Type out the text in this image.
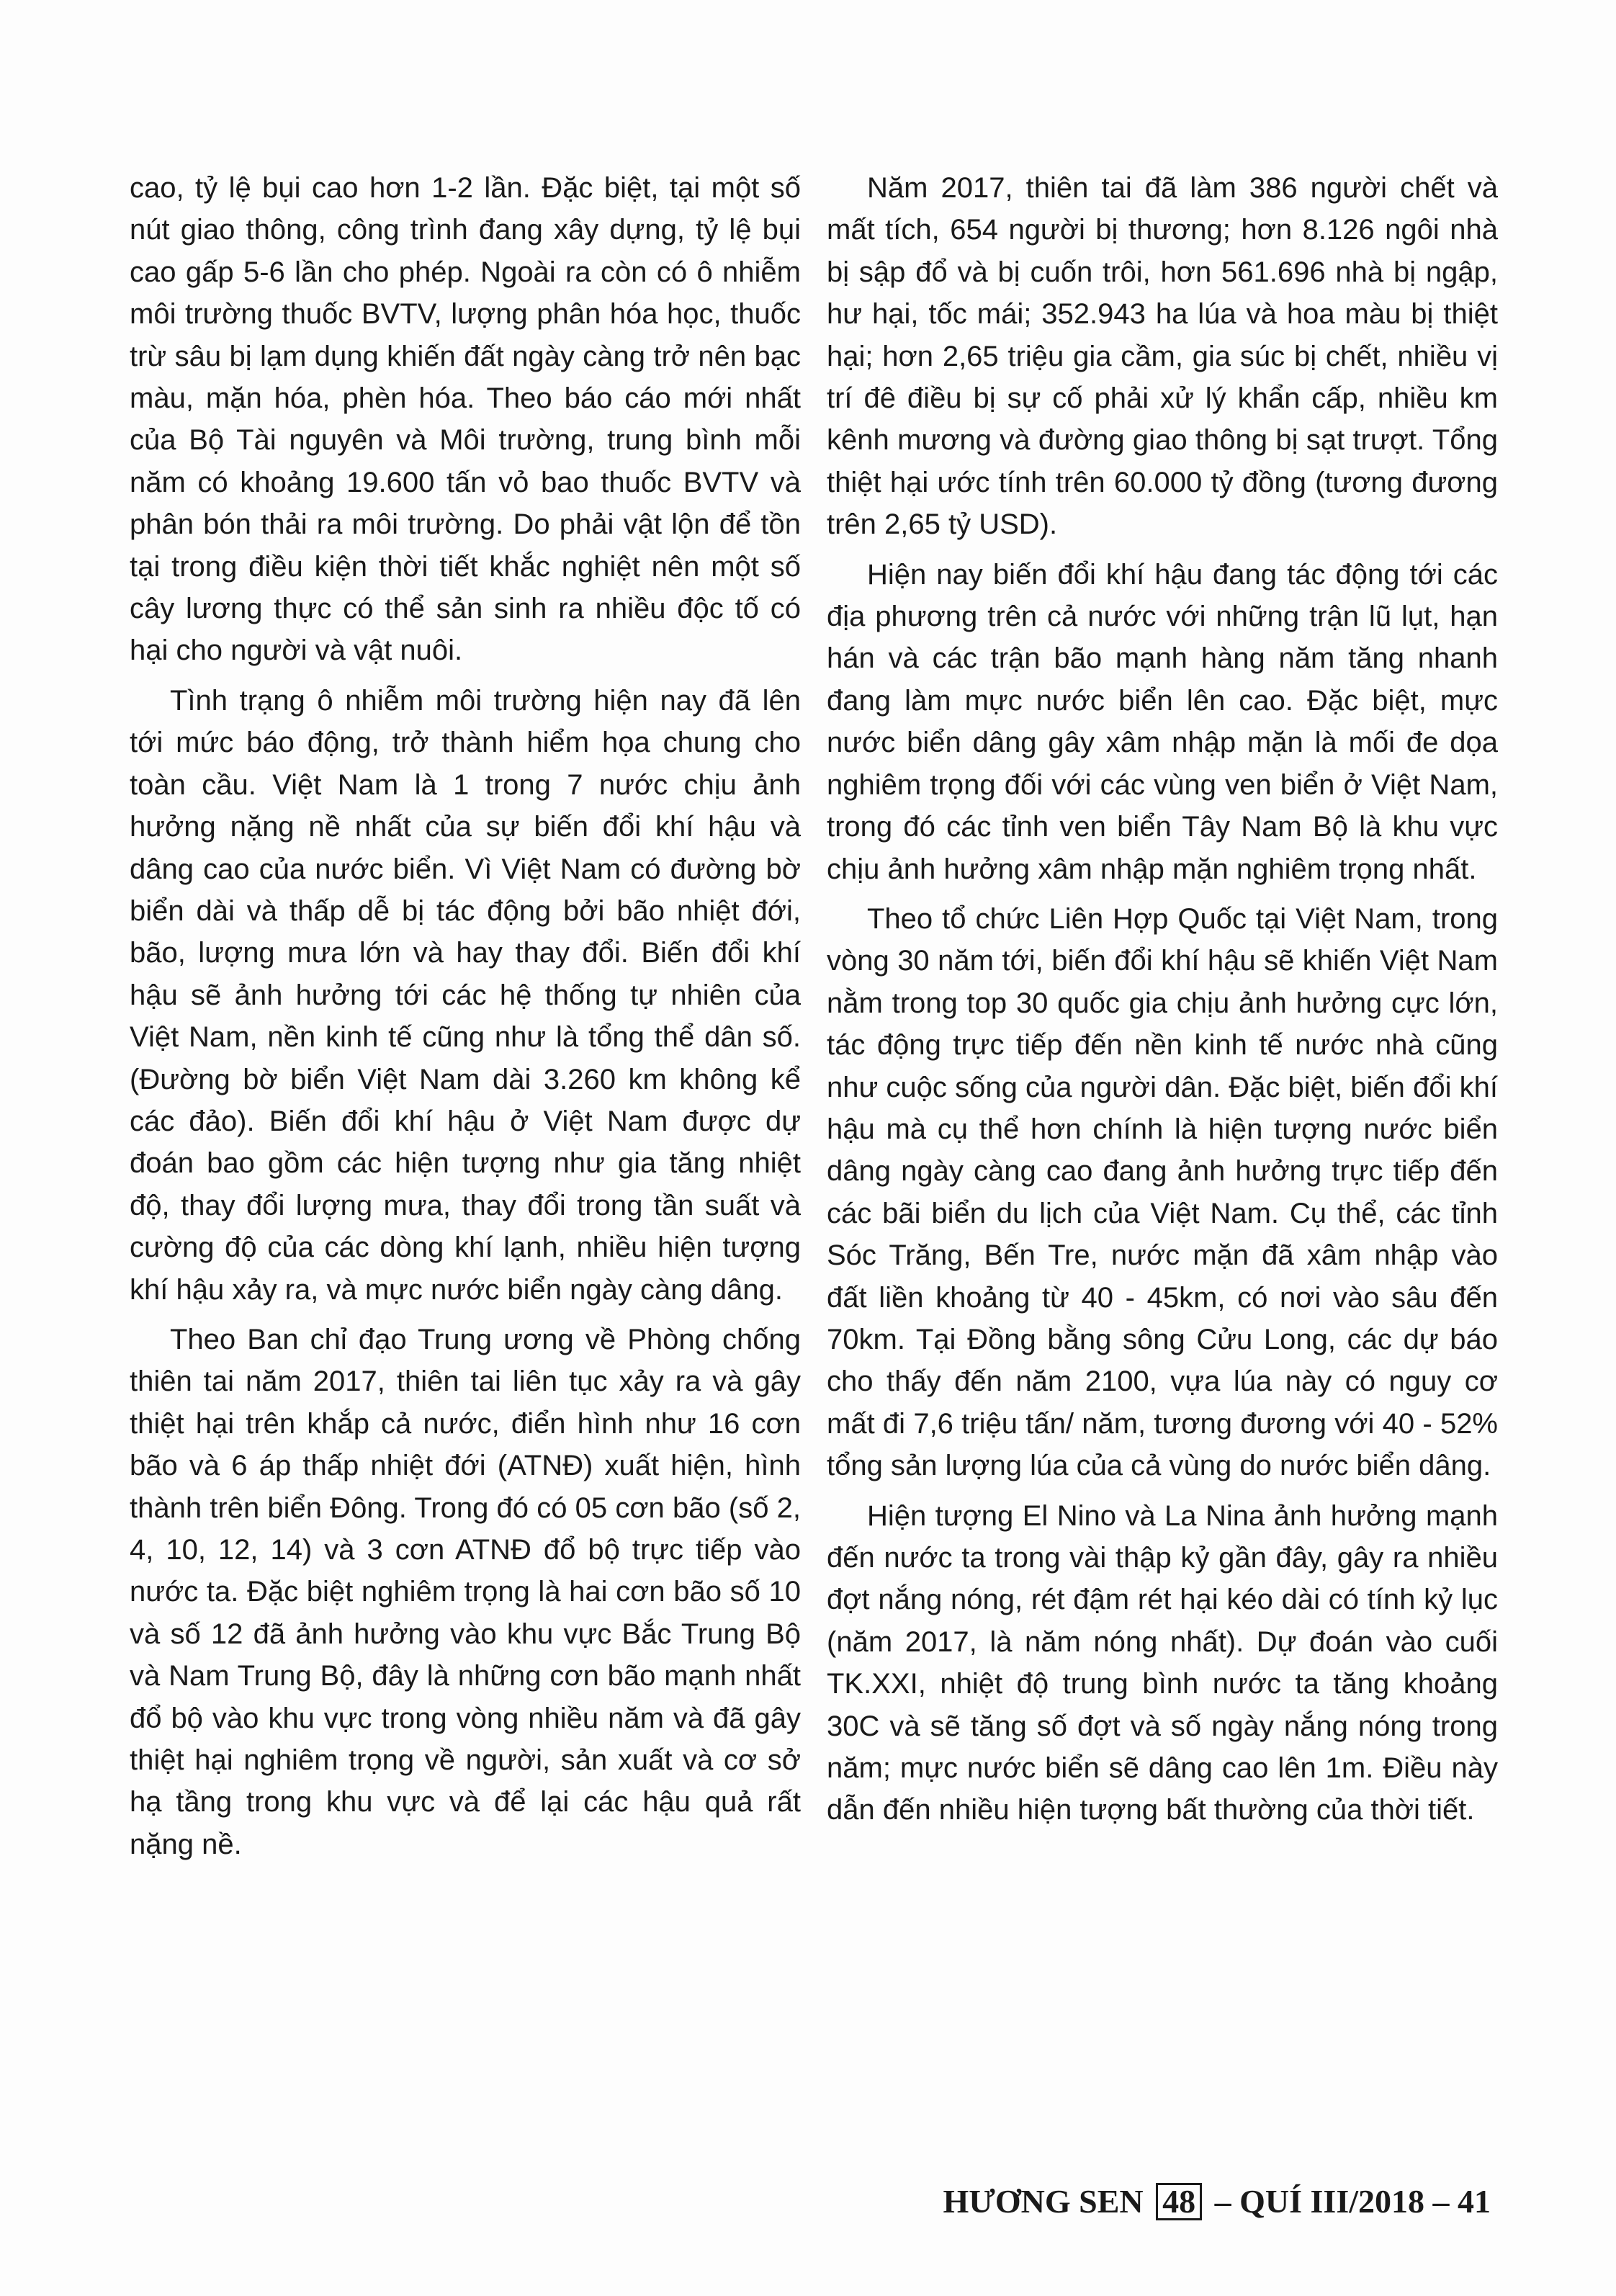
cao, tỷ lệ bụi cao hơn 1-2 lần. Đặc biệt, tại một số nút giao thông, công trình đang xây dựng, tỷ lệ bụi cao gấp 5-6 lần cho phép. Ngoài ra còn có ô nhiễm môi trường thuốc BVTV, lượng phân hóa học, thuốc trừ sâu bị lạm dụng khiến đất ngày càng trở nên bạc màu, mặn hóa, phèn hóa. Theo báo cáo mới nhất của Bộ Tài nguyên và Môi trường, trung bình mỗi năm có khoảng 19.600 tấn vỏ bao thuốc BVTV và phân bón thải ra môi trường. Do phải vật lộn để tồn tại trong điều kiện thời tiết khắc nghiệt nên một số cây lương thực có thể sản sinh ra nhiều độc tố có hại cho người và vật nuôi.

Tình trạng ô nhiễm môi trường hiện nay đã lên tới mức báo động, trở thành hiểm họa chung cho toàn cầu. Việt Nam là 1 trong 7 nước chịu ảnh hưởng nặng nề nhất của sự biến đổi khí hậu và dâng cao của nước biển. Vì Việt Nam có đường bờ biển dài và thấp dễ bị tác động bởi bão nhiệt đới, bão, lượng mưa lớn và hay thay đổi. Biến đổi khí hậu sẽ ảnh hưởng tới các hệ thống tự nhiên của Việt Nam, nền kinh tế cũng như là tổng thể dân số. (Đường bờ biển Việt Nam dài 3.260 km không kể các đảo). Biến đổi khí hậu ở Việt Nam được dự đoán bao gồm các hiện tượng như gia tăng nhiệt độ, thay đổi lượng mưa, thay đổi trong tần suất và cường độ của các dòng khí lạnh, nhiều hiện tượng khí hậu xảy ra, và mực nước biển ngày càng dâng.

Theo Ban chỉ đạo Trung ương về Phòng chống thiên tai năm 2017, thiên tai liên tục xảy ra và gây thiệt hại trên khắp cả nước, điển hình như 16 cơn bão và 6 áp thấp nhiệt đới (ATNĐ) xuất hiện, hình thành trên biển Đông. Trong đó có 05 cơn bão (số 2, 4, 10, 12, 14) và 3 cơn ATNĐ đổ bộ trực tiếp vào nước ta. Đặc biệt nghiêm trọng là hai cơn bão số 10 và số 12 đã ảnh hưởng vào khu vực Bắc Trung Bộ và Nam Trung Bộ, đây là những cơn bão mạnh nhất đổ bộ vào khu vực trong vòng nhiều năm và đã gây thiệt hại nghiêm trọng về người, sản xuất và cơ sở hạ tầng trong khu vực và để lại các hậu quả rất nặng nề.

Năm 2017, thiên tai đã làm 386 người chết và mất tích, 654 người bị thương; hơn 8.126 ngôi nhà bị sập đổ và bị cuốn trôi, hơn 561.696 nhà bị ngập, hư hại, tốc mái; 352.943 ha lúa và hoa màu bị thiệt hại; hơn 2,65 triệu gia cầm, gia súc bị chết, nhiều vị trí đê điều bị sự cố phải xử lý khẩn cấp, nhiều km kênh mương và đường giao thông bị sạt trượt. Tổng thiệt hại ước tính trên 60.000 tỷ đồng (tương đương trên 2,65 tỷ USD).

Hiện nay biến đổi khí hậu đang tác động tới các địa phương trên cả nước với những trận lũ lụt, hạn hán và các trận bão mạnh hàng năm tăng nhanh đang làm mực nước biển lên cao. Đặc biệt, mực nước biển dâng gây xâm nhập mặn là mối đe dọa nghiêm trọng đối với các vùng ven biển ở Việt Nam, trong đó các tỉnh ven biển Tây Nam Bộ là khu vực chịu ảnh hưởng xâm nhập mặn nghiêm trọng nhất.

Theo tổ chức Liên Hợp Quốc tại Việt Nam, trong vòng 30 năm tới, biến đổi khí hậu sẽ khiến Việt Nam nằm trong top 30 quốc gia chịu ảnh hưởng cực lớn, tác động trực tiếp đến nền kinh tế nước nhà cũng như cuộc sống của người dân. Đặc biệt, biến đổi khí hậu mà cụ thể hơn chính là hiện tượng nước biển dâng ngày càng cao đang ảnh hưởng trực tiếp đến các bãi biển du lịch của Việt Nam. Cụ thể, các tỉnh Sóc Trăng, Bến Tre, nước mặn đã xâm nhập vào đất liền khoảng từ 40 - 45km, có nơi vào sâu đến 70km. Tại Đồng bằng sông Cửu Long, các dự báo cho thấy đến năm 2100, vựa lúa này có nguy cơ mất đi 7,6 triệu tấn/ năm, tương đương với 40 - 52% tổng sản lượng lúa của cả vùng do nước biển dâng.

Hiện tượng El Nino và La Nina ảnh hưởng mạnh đến nước ta trong vài thập kỷ gần đây, gây ra nhiều đợt nắng nóng, rét đậm rét hại kéo dài có tính kỷ lục (năm 2017, là năm nóng nhất). Dự đoán vào cuối TK.XXI, nhiệt độ trung bình nước ta tăng khoảng 30C và sẽ tăng số đợt và số ngày nắng nóng trong năm; mực nước biển sẽ dâng cao lên 1m. Điều này dẫn đến nhiều hiện tượng bất thường của thời tiết.

HƯƠNG SEN 48 – QUÍ III/2018 – 41
